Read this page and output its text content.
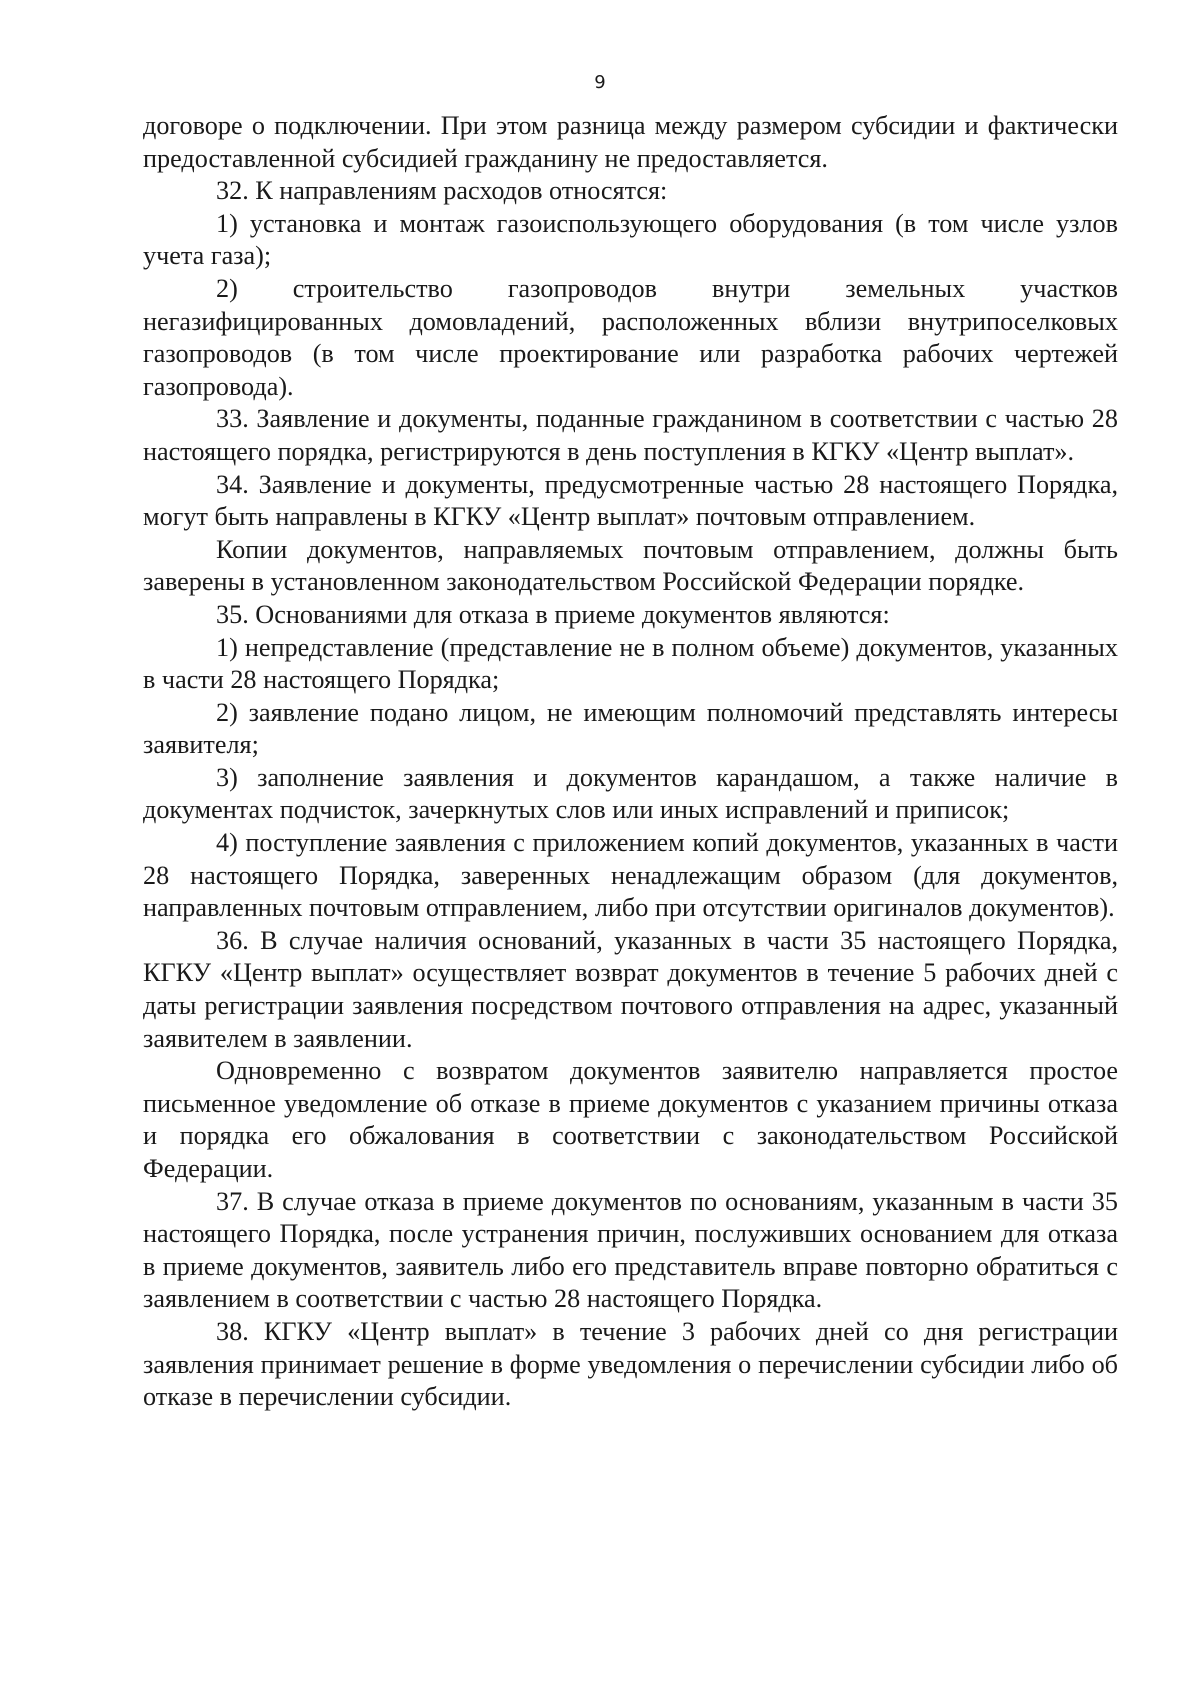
9

договоре о подключении. При этом разница между размером субсидии и фактически предоставленной субсидией гражданину не предоставляется.

32. К направлениям расходов относятся:

1) установка и монтаж газоиспользующего оборудования (в том числе узлов учета газа);

2) строительство газопроводов внутри земельных участков негазифицированных домовладений, расположенных вблизи внутрипоселковых газопроводов (в том числе проектирование или разработка рабочих чертежей газопровода).

33. Заявление и документы, поданные гражданином в соответствии с частью 28 настоящего порядка, регистрируются в день поступления в КГКУ «Центр выплат».

34. Заявление и документы, предусмотренные частью 28 настоящего Порядка, могут быть направлены в КГКУ «Центр выплат» почтовым отправлением.

Копии документов, направляемых почтовым отправлением, должны быть заверены в установленном законодательством Российской Федерации порядке.

35. Основаниями для отказа в приеме документов являются:

1) непредставление (представление не в полном объеме) документов, указанных в части 28 настоящего Порядка;

2) заявление подано лицом, не имеющим полномочий представлять интересы заявителя;

3) заполнение заявления и документов карандашом, а также наличие в документах подчисток, зачеркнутых слов или иных исправлений и приписок;

4) поступление заявления с приложением копий документов, указанных в части 28 настоящего Порядка, заверенных ненадлежащим образом (для документов, направленных почтовым отправлением, либо при отсутствии оригиналов документов).

36. В случае наличия оснований, указанных в части 35 настоящего Порядка, КГКУ «Центр выплат» осуществляет возврат документов в течение 5 рабочих дней с даты регистрации заявления посредством почтового отправления на адрес, указанный заявителем в заявлении.

Одновременно с возвратом документов заявителю направляется простое письменное уведомление об отказе в приеме документов с указанием причины отказа и порядка его обжалования в соответствии с законодательством Российской Федерации.

37. В случае отказа в приеме документов по основаниям, указанным в части 35 настоящего Порядка, после устранения причин, послуживших основанием для отказа в приеме документов, заявитель либо его представитель вправе повторно обратиться с заявлением в соответствии с частью 28 настоящего Порядка.

38. КГКУ «Центр выплат» в течение 3 рабочих дней со дня регистрации заявления принимает решение в форме уведомления о перечислении субсидии либо об отказе в перечислении субсидии.
